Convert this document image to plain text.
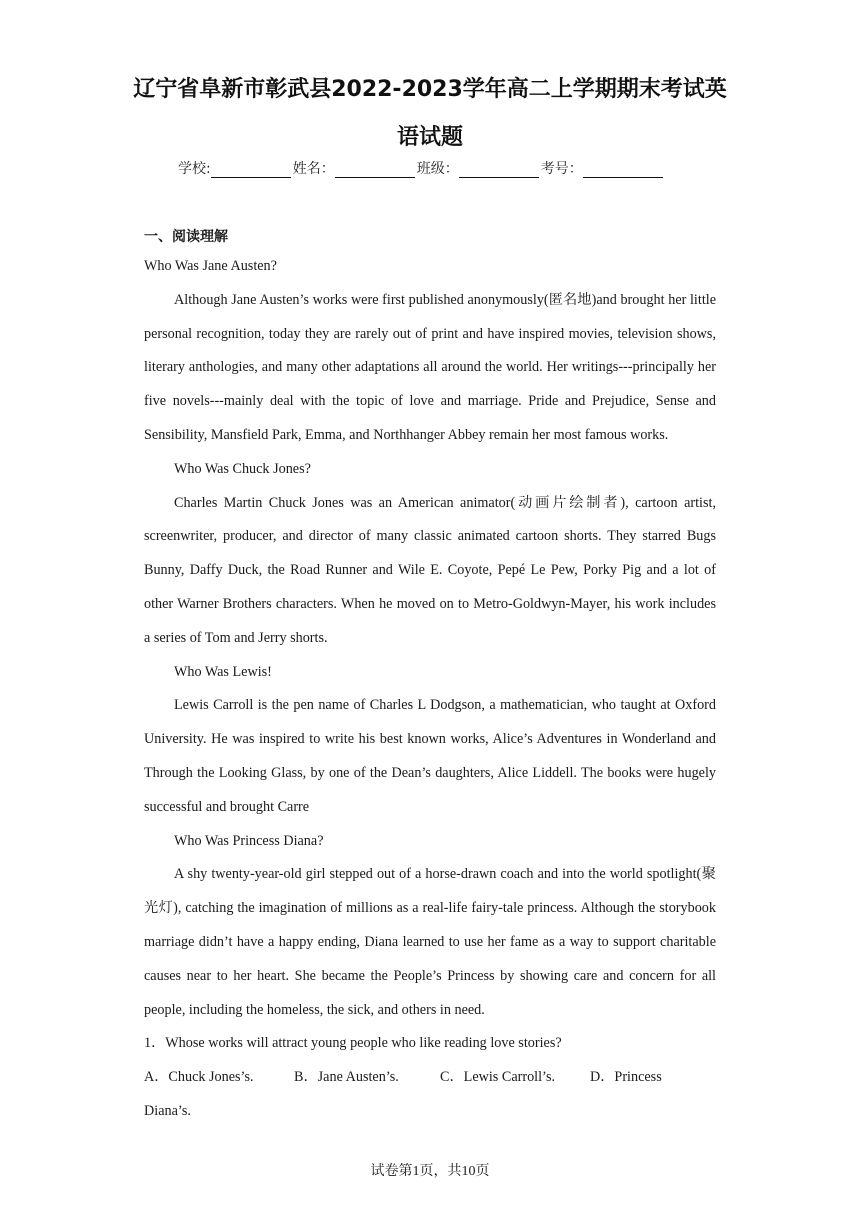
辽宁省阜新市彰武县2022-2023学年高二上学期期末考试英
语试题
学校:	姓名：	班级：	考号：
一、阅读理解

Who Was Jane Austen?

Although Jane Austen’s works were first published anonymously(匿名地)and brought her little personal recognition, today they are rarely out of print and have inspired movies, television shows, literary anthologies, and many other adaptations all around the world. Her writings---principally her five novels---mainly deal with the topic of love and marriage. Pride and Prejudice, Sense and Sensibility, Mansfield Park, Emma, and Northhanger Abbey remain her most famous works.

Who Was Chuck Jones?

Charles Martin Chuck Jones was an American animator(动画片绘制者), cartoon artist, screenwriter, producer, and director of many classic animated cartoon shorts. They starred Bugs Bunny, Daffy Duck, the Road Runner and Wile E. Coyote, Pepé Le Pew, Porky Pig and a lot of other Warner Brothers characters. When he moved on to Metro-Goldwyn-Mayer, his work includes a series of Tom and Jerry shorts.

Who Was Lewis!

Lewis Carroll is the pen name of Charles L Dodgson, a mathematician, who taught at Oxford University. He was inspired to write his best known works, Alice’s Adventures in Wonderland and Through the Looking Glass, by one of the Dean’s daughters, Alice Liddell. The books were hugely successful and brought Carre

Who Was Princess Diana?

A shy twenty-year-old girl stepped out of a horse-drawn coach and into the world spotlight(聚光灯), catching the imagination of millions as a real-life fairy-tale princess. Although the storybook marriage didn’t have a happy ending, Diana learned to use her fame as a way to support charitable causes near to her heart. She became the People’s Princess by showing care and concern for all people, including the homeless, the sick, and others in need.

1．Whose works will attract young people who like reading love stories?

A．Chuck Jones’s.	B．Jane Austen’s.	C．Lewis Carroll’s.	D．Princess

Diana’s.

试卷第1页，共10页
